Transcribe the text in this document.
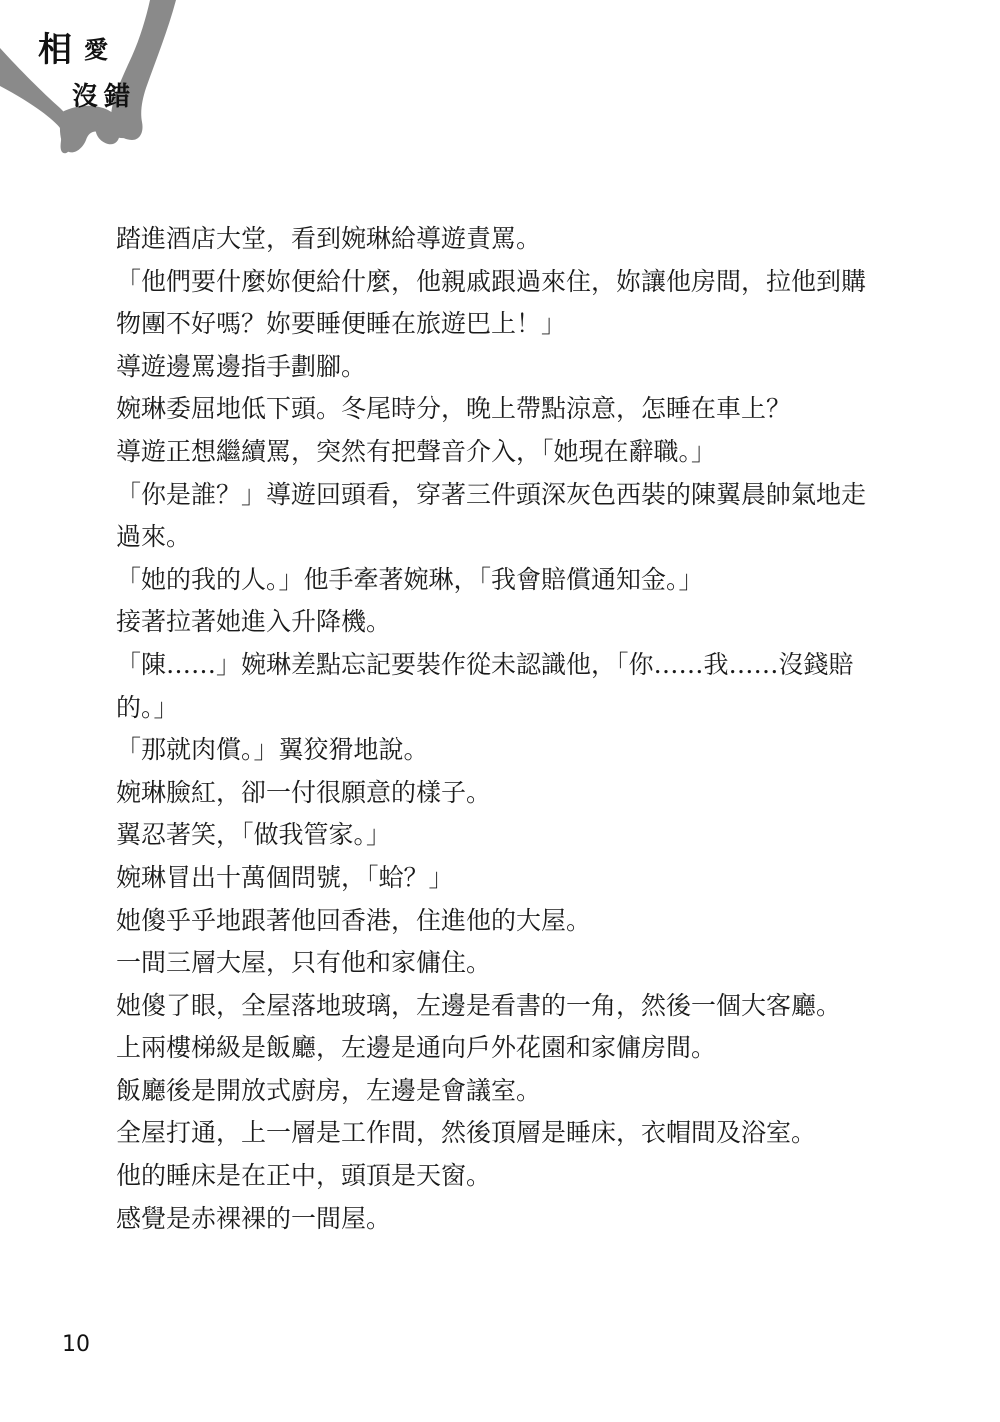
相 愛
沒 錯

踏進酒店大堂，看到婉琳給導遊責罵。

「他們要什麼妳便給什麼，他親戚跟過來住，妳讓他房間，拉他到購
物團不好嗎？妳要睡便睡在旅遊巴上！」

導遊邊罵邊指手劃腳。

婉琳委屈地低下頭。冬尾時分，晚上帶點涼意，怎睡在車上？

導遊正想繼續罵，突然有把聲音介入，「她現在辭職。」

「你是誰？」導遊回頭看，穿著三件頭深灰色西裝的陳翼晨帥氣地走
過來。

「她的我的人。」他手牽著婉琳，「我會賠償通知金。」

接著拉著她進入升降機。

「陳……」婉琳差點忘記要裝作從未認識他，「你……我……沒錢賠
的。」

「那就肉償。」翼狡猾地說。

婉琳臉紅，卻一付很願意的樣子。

翼忍著笑，「做我管家。」

婉琳冒出十萬個問號，「蛤？」

她傻乎乎地跟著他回香港，住進他的大屋。

一間三層大屋，只有他和家傭住。

她傻了眼，全屋落地玻璃，左邊是看書的一角，然後一個大客廳。

上兩樓梯級是飯廳，左邊是通向戶外花園和家傭房間。

飯廳後是開放式廚房，左邊是會議室。

全屋打通，上一層是工作間，然後頂層是睡床，衣帽間及浴室。

他的睡床是在正中，頭頂是天窗。

感覺是赤裸裸的一間屋。

10
